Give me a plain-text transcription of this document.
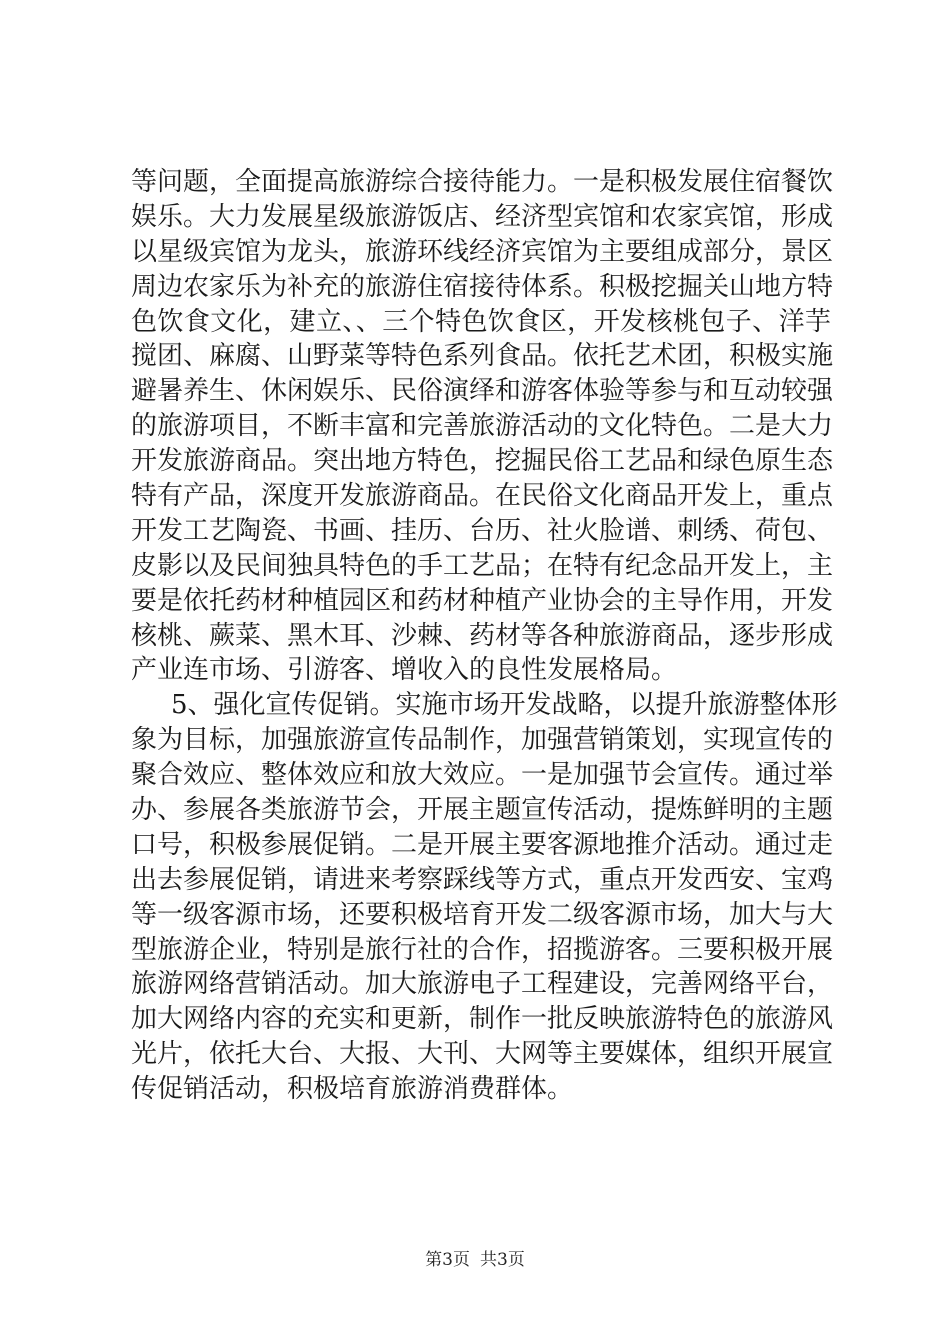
等问题，全面提高旅游综合接待能力。一是积极发展住宿餐饮
娱乐。大力发展星级旅游饭店、经济型宾馆和农家宾馆，形成
以星级宾馆为龙头，旅游环线经济宾馆为主要组成部分，景区
周边农家乐为补充的旅游住宿接待体系。积极挖掘关山地方特
色饮食文化，建立、、三个特色饮食区，开发核桃包子、洋芋
搅团、麻腐、山野菜等特色系列食品。依托艺术团，积极实施
避暑养生、休闲娱乐、民俗演绎和游客体验等参与和互动较强
的旅游项目，不断丰富和完善旅游活动的文化特色。二是大力
开发旅游商品。突出地方特色，挖掘民俗工艺品和绿色原生态
特有产品，深度开发旅游商品。在民俗文化商品开发上，重点
开发工艺陶瓷、书画、挂历、台历、社火脸谱、刺绣、荷包、
皮影以及民间独具特色的手工艺品；在特有纪念品开发上，主
要是依托药材种植园区和药材种植产业协会的主导作用，开发
核桃、蕨菜、黑木耳、沙棘、药材等各种旅游商品，逐步形成
产业连市场、引游客、增收入的良性发展格局。
5、强化宣传促销。实施市场开发战略，以提升旅游整体形
象为目标，加强旅游宣传品制作，加强营销策划，实现宣传的
聚合效应、整体效应和放大效应。一是加强节会宣传。通过举
办、参展各类旅游节会，开展主题宣传活动，提炼鲜明的主题
口号，积极参展促销。二是开展主要客源地推介活动。通过走
出去参展促销，请进来考察踩线等方式，重点开发西安、宝鸡
等一级客源市场，还要积极培育开发二级客源市场，加大与大
型旅游企业，特别是旅行社的合作，招揽游客。三要积极开展
旅游网络营销活动。加大旅游电子工程建设，完善网络平台，
加大网络内容的充实和更新，制作一批反映旅游特色的旅游风
光片，依托大台、大报、大刊、大网等主要媒体，组织开展宣
传促销活动，积极培育旅游消费群体。
第3页 共3页
